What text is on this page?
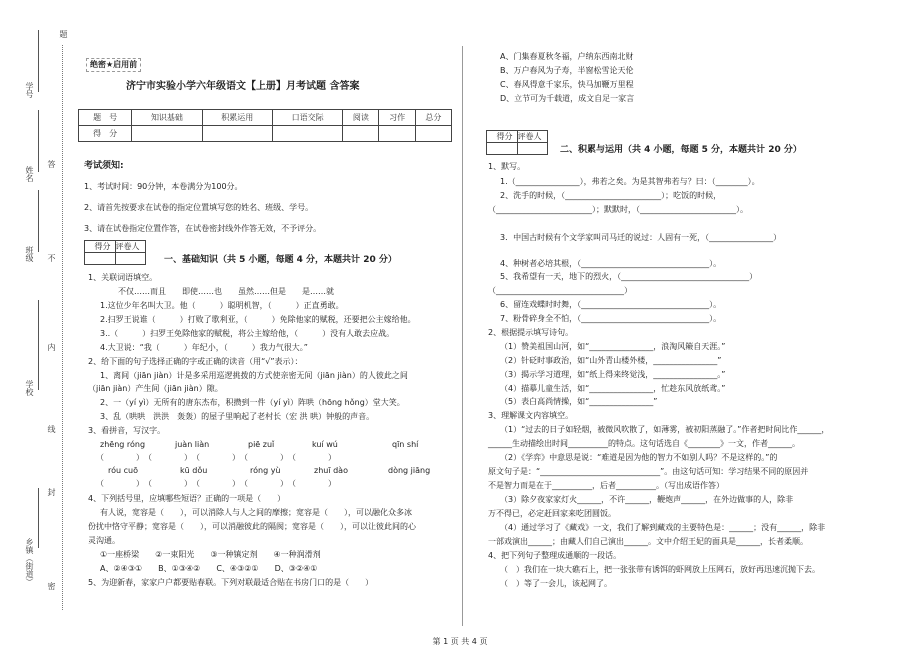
学号
姓名
班级
学校
乡镇（街道）
题
答
不
内
线
封
密
绝密★启用前
济宁市实验小学六年级语文【上册】月考试题 含答案
题　号	知识基础	积累运用	口语交际	阅读	习作	总分
得　分						
考试须知:
1、考试时间：90分钟，本卷满分为100分。
2、请首先按要求在试卷的指定位置填写您的姓名、班级、学号。
3、请在试卷指定位置作答，在试卷密封线外作答无效，不予评分。
得分 评卷人
一、基础知识（共 5 小题，每题 4 分，本题共计 20 分）
1、关联词语填空。
不仅……而且　　即使……也　　虽然……但是　　是……就
1.这位少年名叫大卫。他（　　　）聪明机智，（　　　）正直勇敢。
2.扫罗王说谁（　　　）打败了歌利亚，（　　　）免除他家的赋税，还要把公主嫁给他。
3..（　　　）扫罗王免除他家的赋税，将公主嫁给他，（　　　）没有人敢去应战。
4.大卫说：“我（　　　）年纪小，（　　　）我力气很大。”
2、给下面的句子选择正确的字或正确的读音（用“√”表示）：
1、离间（jiān jiàn）计是多采用巡逻挑拨的方式使亲密无间（jiān jiàn）的人彼此之间
（jiān jiàn）产生间（jiān jiàn）隙。
2、一（yí yì）无所有的唐东杰布，积攒到一件（yí yì）阵哄（hōng hǒng）堂大笑。
3、乱（哄哄　洪洪　轰轰）的屋子里响起了老村长（宏 洪 哄）钟般的声音。
3、看拼音，写汉字。
zhēng róng	juàn liàn	piē zuǐ	kuí wú	qīn shí
（　　　　）　（　　　　）　（　　　　）　（　　　　）　（　　　　）
róu cuō	kū dǒu	róng yù	zhuī dào	dòng jiāng
（　　　　）　（　　　　）　（　　　　）　（　　　　）　（　　　　）
4、下列括号里，应填哪些短语？正确的一项是（　　）
有人说，宽容是（　　），可以消除人与人之间的摩擦；宽容是（　　），可以融化众多冰
份扰中恪守平静；宽容是（　　），可以消融彼此的隔阂；宽容是（　　），可以让彼此间的心
灵沟通。
①一座桥梁　　②一束阳光　　③一种镇定剂　　④一种润滑剂
A、②④③①　　B、①③④②　　C、④③②①　　D、③②④①
5、为迎新春，家家户户都要贴春联。下列对联最适合贴在书房门口的是（　　）
A、门集春夏秋冬福，户纳东西南北财
B、万户春风为子寿，半窗松雪论天伦
C、春风得意千家乐，快马加鞭万里程
D、立节可为千载道，成文自足一家言
得分 评卷人
二、积累与运用（共 4 小题，每题 5 分，本题共计 20 分）
1、默写。
1.（________________），弗若之矣。为是其智弗若与？曰：（________）。
2、洗手的时候，（________________________）；吃饭的时候，
（________________________）；默默时，（________________________）。
3．中国古时候有个文学家叫司马迁的说过：人固有一死，（________________）
4、种树者必培其根，（________________________________）。
5、我希望有一天，地下的烈火，（________________________________）
（________________________________）
6、留连戏蝶时时舞，（________________________________）。
7、粉骨碎身全不怕，（________________________________）。
2、根据提示填写诗句。
（1）赞美祖国山河，如“________________，浪淘风簸自天涯。”
（2）针砭时事政治，如“山外青山楼外楼，________________”
（3）揭示学习道理，如“纸上得来终觉浅，________________。”
（4）描摹儿童生活，如“________________，忙趁东风放纸鸢。”
（5）表白高尚情操，如“________________”
3、理解课文内容填空。
（1）“过去的日子如轻烟，被微风吹散了，如薄雾，被初阳蒸融了。”作者把时间比作______，
______生动描绘出时间__________的特点。这句话选自《________》一文，作者______。
（2）《学弈》中意思是说：“难道是因为他的智力不如别人吗？不是这样的。”的
原文句子是：“______________________________”。由这句话可知：学习结果不同的原因并
不是智力而是在于__________，后者__________。（写出成语作答）
（3）除夕夜家家灯火______，不许______，鞭炮声______，在外边做事的人，除非
万不得已，必定赶回家来吃团圆饭。
（4）通过学习了《藏戏》一文，我们了解到藏戏的主要特色是：______；没有______，除非
一部戏演出______；由藏人们自己演出______。文中介绍王妃的面具是______，长者柔顺。
4、把下列句子整理成通顺的一段话。
（　）我们在一块大礁石上，把一张张带有诱饵的虾网放上压网石，放好再迅速沉抛下去。
（　）等了一会儿，该起网了。
第 1 页 共 4 页
